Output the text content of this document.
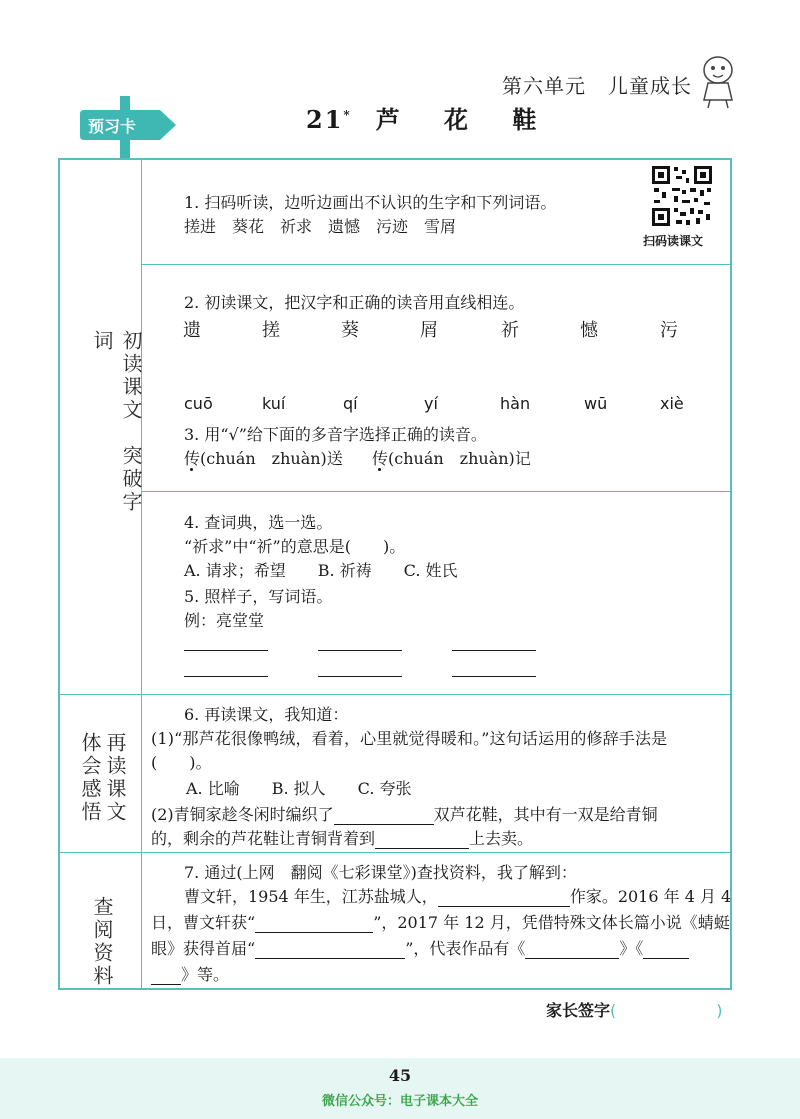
第六单元 儿童成长
预习卡	21* 芦 花 鞋
初读课文　突破字词
再读课文
体会感悟
查阅资料
1. 扫码听读，边听边画出不认识的生字和下列词语。
搓进　葵花　祈求　遗憾　污迹　雪屑
扫码读课文
2. 初读课文，把汉字和正确的读音用直线相连。
遗	搓	葵	屑	祈	憾	污
cuō	kuí	qí	yí	hàn	wū	xiè
3. 用“√”给下面的多音字选择正确的读音。
传(chuán　zhuàn)送 传(chuán　zhuàn)记
4. 查词典，选一选。
“祈求”中“祈”的意思是(　　)。
A. 请求；希望　　B. 祈祷　　C. 姓氏
5. 照样子，写词语。
例：亮堂堂
6. 再读课文，我知道：
(1)“那芦花很像鸭绒，看着，心里就觉得暖和。”这句话运用的修辞手法是
(　　)。
A. 比喻　　B. 拟人　　C. 夸张
(2)青铜家趁冬闲时编织了	双芦花鞋，其中有一双是给青铜
的，剩余的芦花鞋让青铜背着到	上去卖。
7. 通过(上网　翻阅《七彩课堂》)查找资料，我了解到：
曹文轩，1954 年生，江苏盐城人，	作家。2016 年 4 月 4
日，曹文轩获“	”，2017 年 12 月，凭借特殊文体长篇小说《蜻蜓
眼》获得首届“	”，代表作品有《	》《
》等。
家长签字(	)
45
微信公众号：电子课本大全
